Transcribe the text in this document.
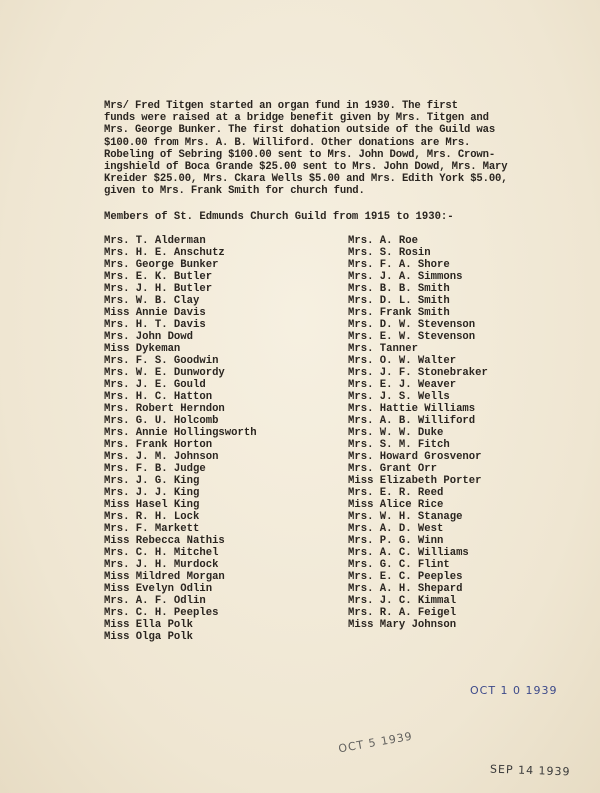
Mrs/ Fred Titgen started an organ fund in 1930. The first
funds were raised at a bridge benefit given by Mrs. Titgen and
Mrs. George Bunker. The first dohation outside of the Guild was
$100.00 from Mrs. A. B. Williford. Other donations are Mrs.
Robeling of Sebring $100.00 sent to Mrs. John Dowd, Mrs. Crown-
ingshield of Boca Grande $25.00 sent to Mrs. John Dowd, Mrs. Mary
Kreider $25.00, Mrs. Ckara Wells $5.00 and Mrs. Edith York $5.00,
given to Mrs. Frank Smith for church fund.
Members of St. Edmunds Church Guild from 1915 to 1930:-
Mrs. T. Alderman
Mrs. H. E. Anschutz
Mrs. George Bunker
Mrs. E. K. Butler
Mrs. J. H. Butler
Mrs. W. B. Clay
Miss Annie Davis
Mrs. H. T. Davis
Mrs. John Dowd
Miss Dykeman
Mrs. F. S. Goodwin
Mrs. W. E. Dunwordy
Mrs. J. E. Gould
Mrs. H. C. Hatton
Mrs. Robert Herndon
Mrs. G. U. Holcomb
Mrs. Annie Hollingsworth
Mrs. Frank Horton
Mrs. J. M. Johnson
Mrs. F. B. Judge
Mrs. J. G. King
Mrs. J. J. King
Miss Hasel King
Mrs. R. H. Lock
Mrs. F. Markett
Miss Rebecca Nathis
Mrs. C. H. Mitchel
Mrs. J. H. Murdock
Miss Mildred Morgan
Miss Evelyn Odlin
Mrs. A. F. Odlin
Mrs. C. H. Peeples
Miss Ella Polk
Miss Olga Polk
Mrs. A. Roe
Mrs. S. Rosin
Mrs. F. A. Shore
Mrs. J. A. Simmons
Mrs. B. B. Smith
Mrs. D. L. Smith
Mrs. Frank Smith
Mrs. D. W. Stevenson
Mrs. E. W. Stevenson
Mrs. Tanner
Mrs. O. W. Walter
Mrs. J. F. Stonebraker
Mrs. E. J. Weaver
Mrs. J. S. Wells
Mrs. Hattie Williams
Mrs. A. B. Williford
Mrs. W. W. Duke
Mrs. S. M. Fitch
Mrs. Howard Grosvenor
Mrs. Grant Orr
Miss Elizabeth Porter
Mrs. E. R. Reed
Miss Alice Rice
Mrs. W. H. Stanage
Mrs. A. D. West
Mrs. P. G. Winn
Mrs. A. C. Williams
Mrs. G. C. Flint
Mrs. E. C. Peeples
Mrs. A. H. Shepard
Mrs. J. C. Kimmal
Mrs. R. A. Feigel
Miss Mary Johnson
OCT 1 0 1939
OCT 5 1939
SEP 14 1939
